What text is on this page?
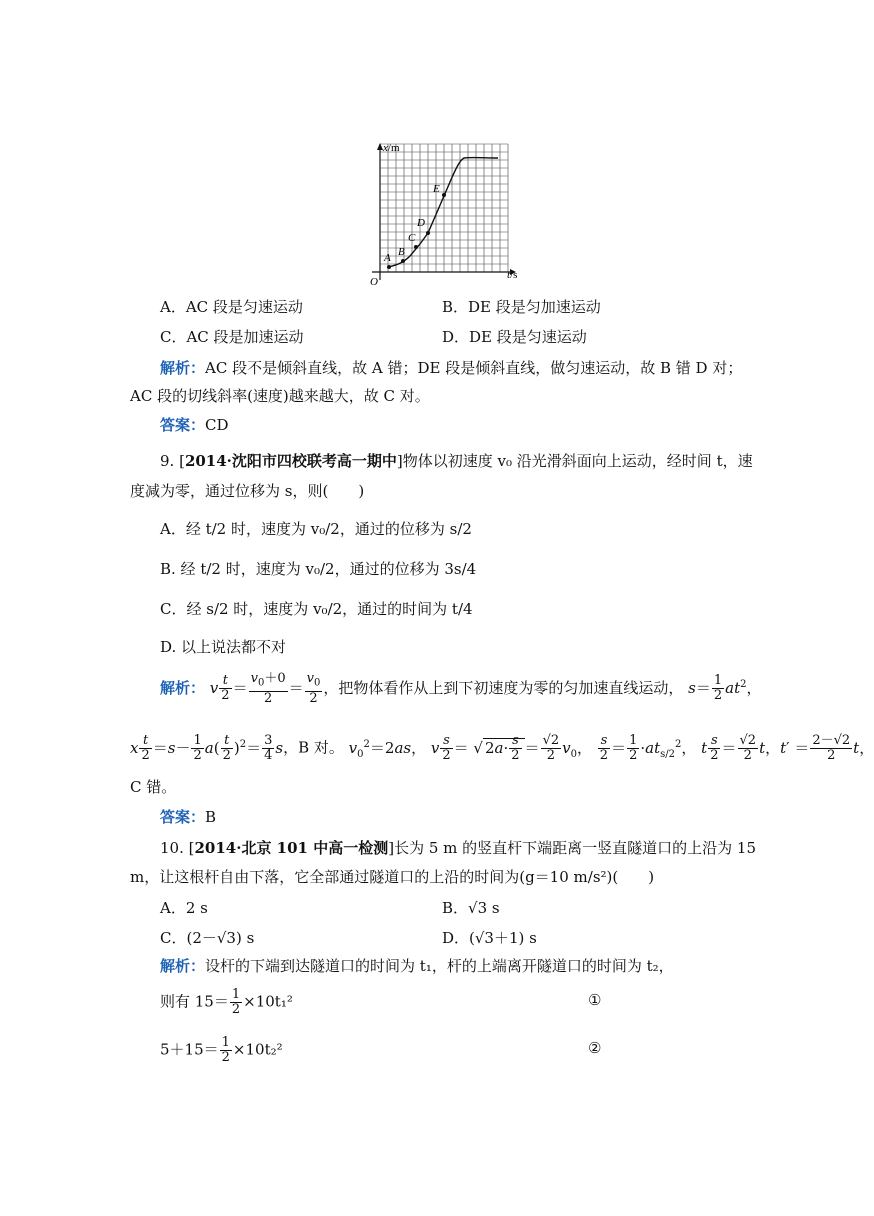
x/m
t/s
O
A B
C
D
E
A．AC 段是匀速运动	B．DE 段是匀加速运动
C．AC 段是加速运动	D．DE 段是匀速运动
解析：AC 段不是倾斜直线，故 A 错；DE 段是倾斜直线，做匀速运动，故 B 错 D 对；
AC 段的切线斜率(速度)越来越大，故 C 对。
答案：CD
9. [2014·沈阳市四校联考高一期中]物体以初速度 v₀ 沿光滑斜面向上运动，经时间 t，速
度减为零，通过位移为 s，则(　　)
A．经 t/2 时，速度为 v₀/2，通过的位移为 s/2
B. 经 t/2 时，速度为 v₀/2，通过的位移为 3s/4
C．经 s/2 时，速度为 v₀/2，通过的时间为 t/4
D. 以上说法都不对
解析： v $\frac{t}{2} = \frac{v_0+0}{2} = \frac{v_0}{2}$ ，把物体看作从上到下初速度为零的匀加速直线运动， $s= \frac{1}{2} at^2$，
x $\frac{t}{2} =s- \frac{1}{2} a( \frac{t}{2} )^2= \frac{3}{4}$ s，B 对。 $v_0^2=2as$， v $\frac{s}{2}$ ＝ √ $2a\cdot \frac{s}{2} = \frac{√2}{2} v_0$， $\frac{s}{2} = \frac{1}{2} \cdot at_{s/2}^2$， t $\frac{s}{2} = \frac{√2}{2}$ t，$t' = \frac{2-√2}{2}$ t，
C 错。
答案：B
10. [2014·北京 101 中高一检测]长为 5 m 的竖直杆下端距离一竖直隧道口的上沿为 15
m，让这根杆自由下落，它全部通过隧道口的上沿的时间为(g＝10 m/s²)(　　)
A．2 s	B．√3 s
C．(2－√3) s	D．(√3＋1) s
解析：设杆的下端到达隧道口的时间为 t₁，杆的上端离开隧道口的时间为 t₂，
则有 $15= \frac{1}{2} \times 10t_1^2$	①
$5+15= \frac{1}{2} \times 10t_2^2$	②
